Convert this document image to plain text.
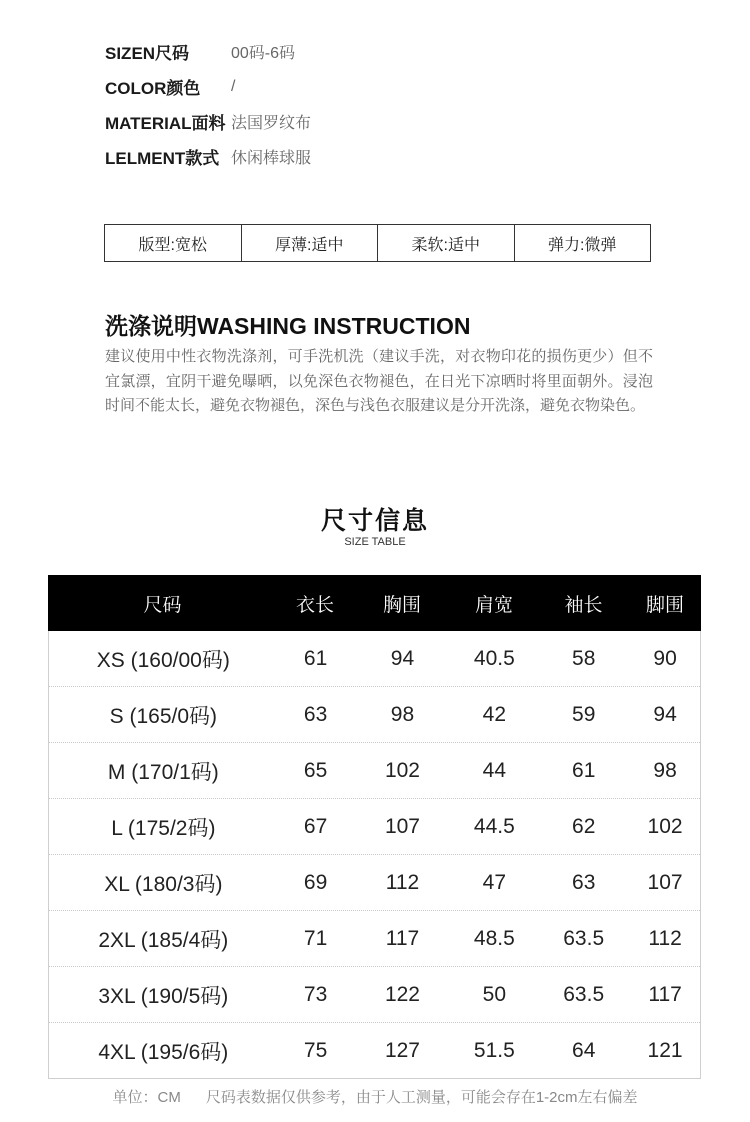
SIZEN尺码	00码-6码
COLOR颜色	/
MATERIAL面料 法国罗纹布
LELMENT款式 休闲棒球服
版型:宽松	厚薄:适中	柔软:适中	弹力:微弹
洗涤说明WASHING INSTRUCTION
建议使用中性衣物洗涤剂，可手洗机洗（建议手洗，对衣物印花的损伤更少）但不宜氯漂，宜阴干避免曝晒，以免深色衣物褪色，在日光下凉晒时将里面朝外。浸泡时间不能太长，避免衣物褪色，深色与浅色衣服建议是分开洗涤，避免衣物染色。
尺寸信息
SIZE TABLE
尺码	衣长	胸围	肩宽	袖长	脚围
XS (160/00码)	61	94	40.5	58	90
S (165/0码)	63	98	42	59	94
M (170/1码)	65	102	44	61	98
L (175/2码)	67	107	44.5	62	102
XL (180/3码)	69	112	47	63	107
2XL (185/4码)	71	117	48.5	63.5	112
3XL (190/5码)	73	122	50	63.5	117
4XL (195/6码)	75	127	51.5	64	121
单位：CM      尺码表数据仅供参考，由于人工测量，可能会存在1-2cm左右偏差
